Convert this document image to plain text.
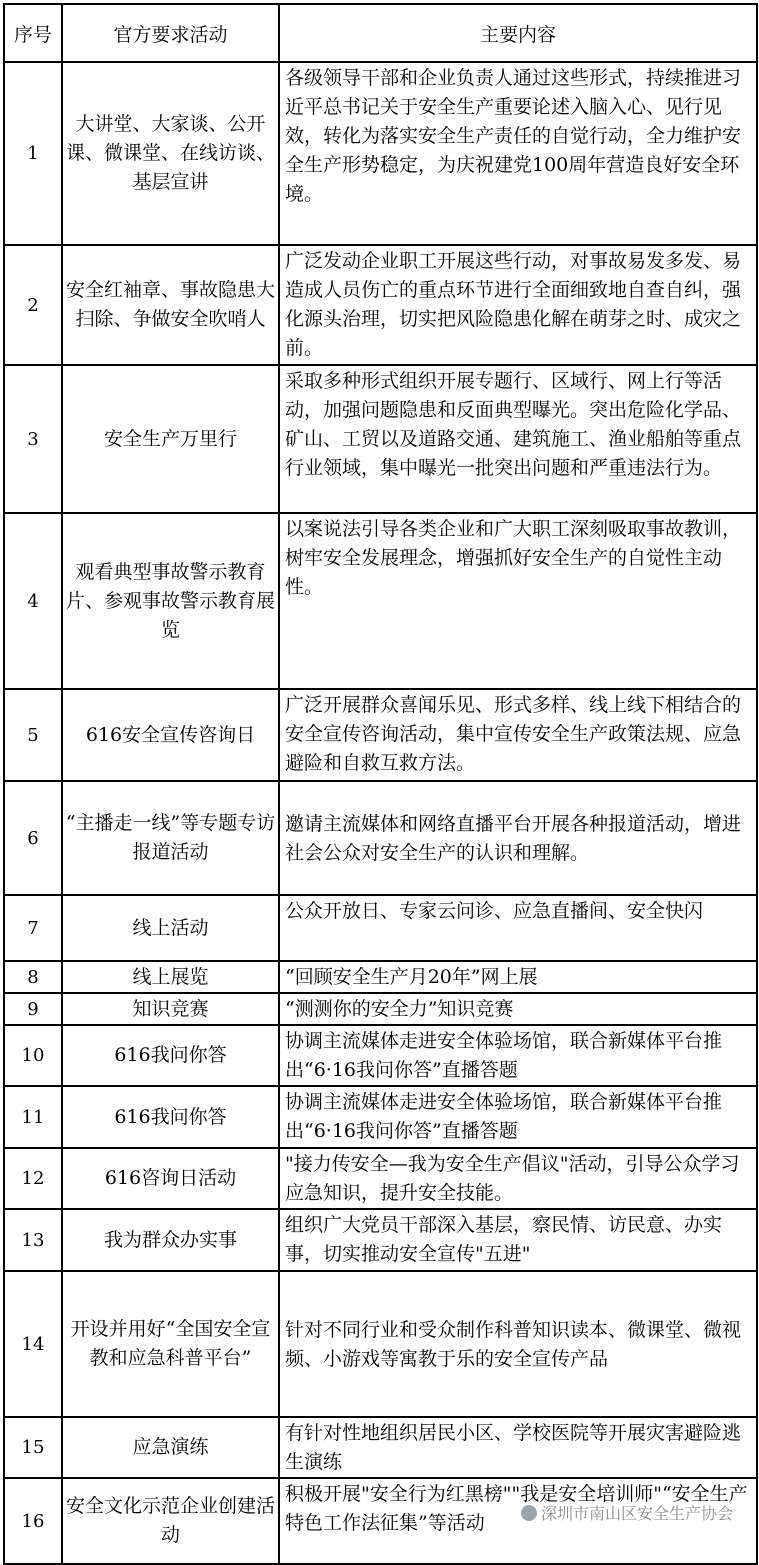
序号	官方要求活动	主要内容
1	大讲堂、大家谈、公开课、微课堂、在线访谈、基层宣讲	各级领导干部和企业负责人通过这些形式，持续推进习近平总书记关于安全生产重要论述入脑入心、见行见效，转化为落实安全生产责任的自觉行动，全力维护安全生产形势稳定，为庆祝建党100周年营造良好安全环境。
2	安全红袖章、事故隐患大扫除、争做安全吹哨人	广泛发动企业职工开展这些行动，对事故易发多发、易造成人员伤亡的重点环节进行全面细致地自查自纠，强化源头治理，切实把风险隐患化解在萌芽之时、成灾之前。
3	安全生产万里行	采取多种形式组织开展专题行、区域行、网上行等活动，加强问题隐患和反面典型曝光。突出危险化学品、矿山、工贸以及道路交通、建筑施工、渔业船舶等重点行业领域，集中曝光一批突出问题和严重违法行为。
4	观看典型事故警示教育片、参观事故警示教育展览	以案说法引导各类企业和广大职工深刻吸取事故教训，树牢安全发展理念，增强抓好安全生产的自觉性主动性。
5	616安全宣传咨询日	广泛开展群众喜闻乐见、形式多样、线上线下相结合的安全宣传咨询活动，集中宣传安全生产政策法规、应急避险和自救互救方法。
6	“主播走一线”等专题专访报道活动	邀请主流媒体和网络直播平台开展各种报道活动，增进社会公众对安全生产的认识和理解。
7	线上活动	公众开放日、专家云问诊、应急直播间、安全快闪
8	线上展览	“回顾安全生产月20年”网上展
9	知识竞赛	“测测你的安全力”知识竞赛
10	616我问你答	协调主流媒体走进安全体验场馆，联合新媒体平台推出“6·16我问你答”直播答题
11	616我问你答	协调主流媒体走进安全体验场馆，联合新媒体平台推出“6·16我问你答”直播答题
12	616咨询日活动	"接力传安全—我为安全生产倡议"活动，引导公众学习应急知识，提升安全技能。
13	我为群众办实事	组织广大党员干部深入基层，察民情、访民意、办实事，切实推动安全宣传"五进"
14	开设并用好“全国安全宣教和应急科普平台”	针对不同行业和受众制作科普知识读本、微课堂、微视频、小游戏等寓教于乐的安全宣传产品
15	应急演练	有针对性地组织居民小区、学校医院等开展灾害避险逃生演练
16	安全文化示范企业创建活动	积极开展"安全行为红黑榜""我是安全培训师"“安全生产特色工作法征集”等活动	深圳市南山区安全生产协会
